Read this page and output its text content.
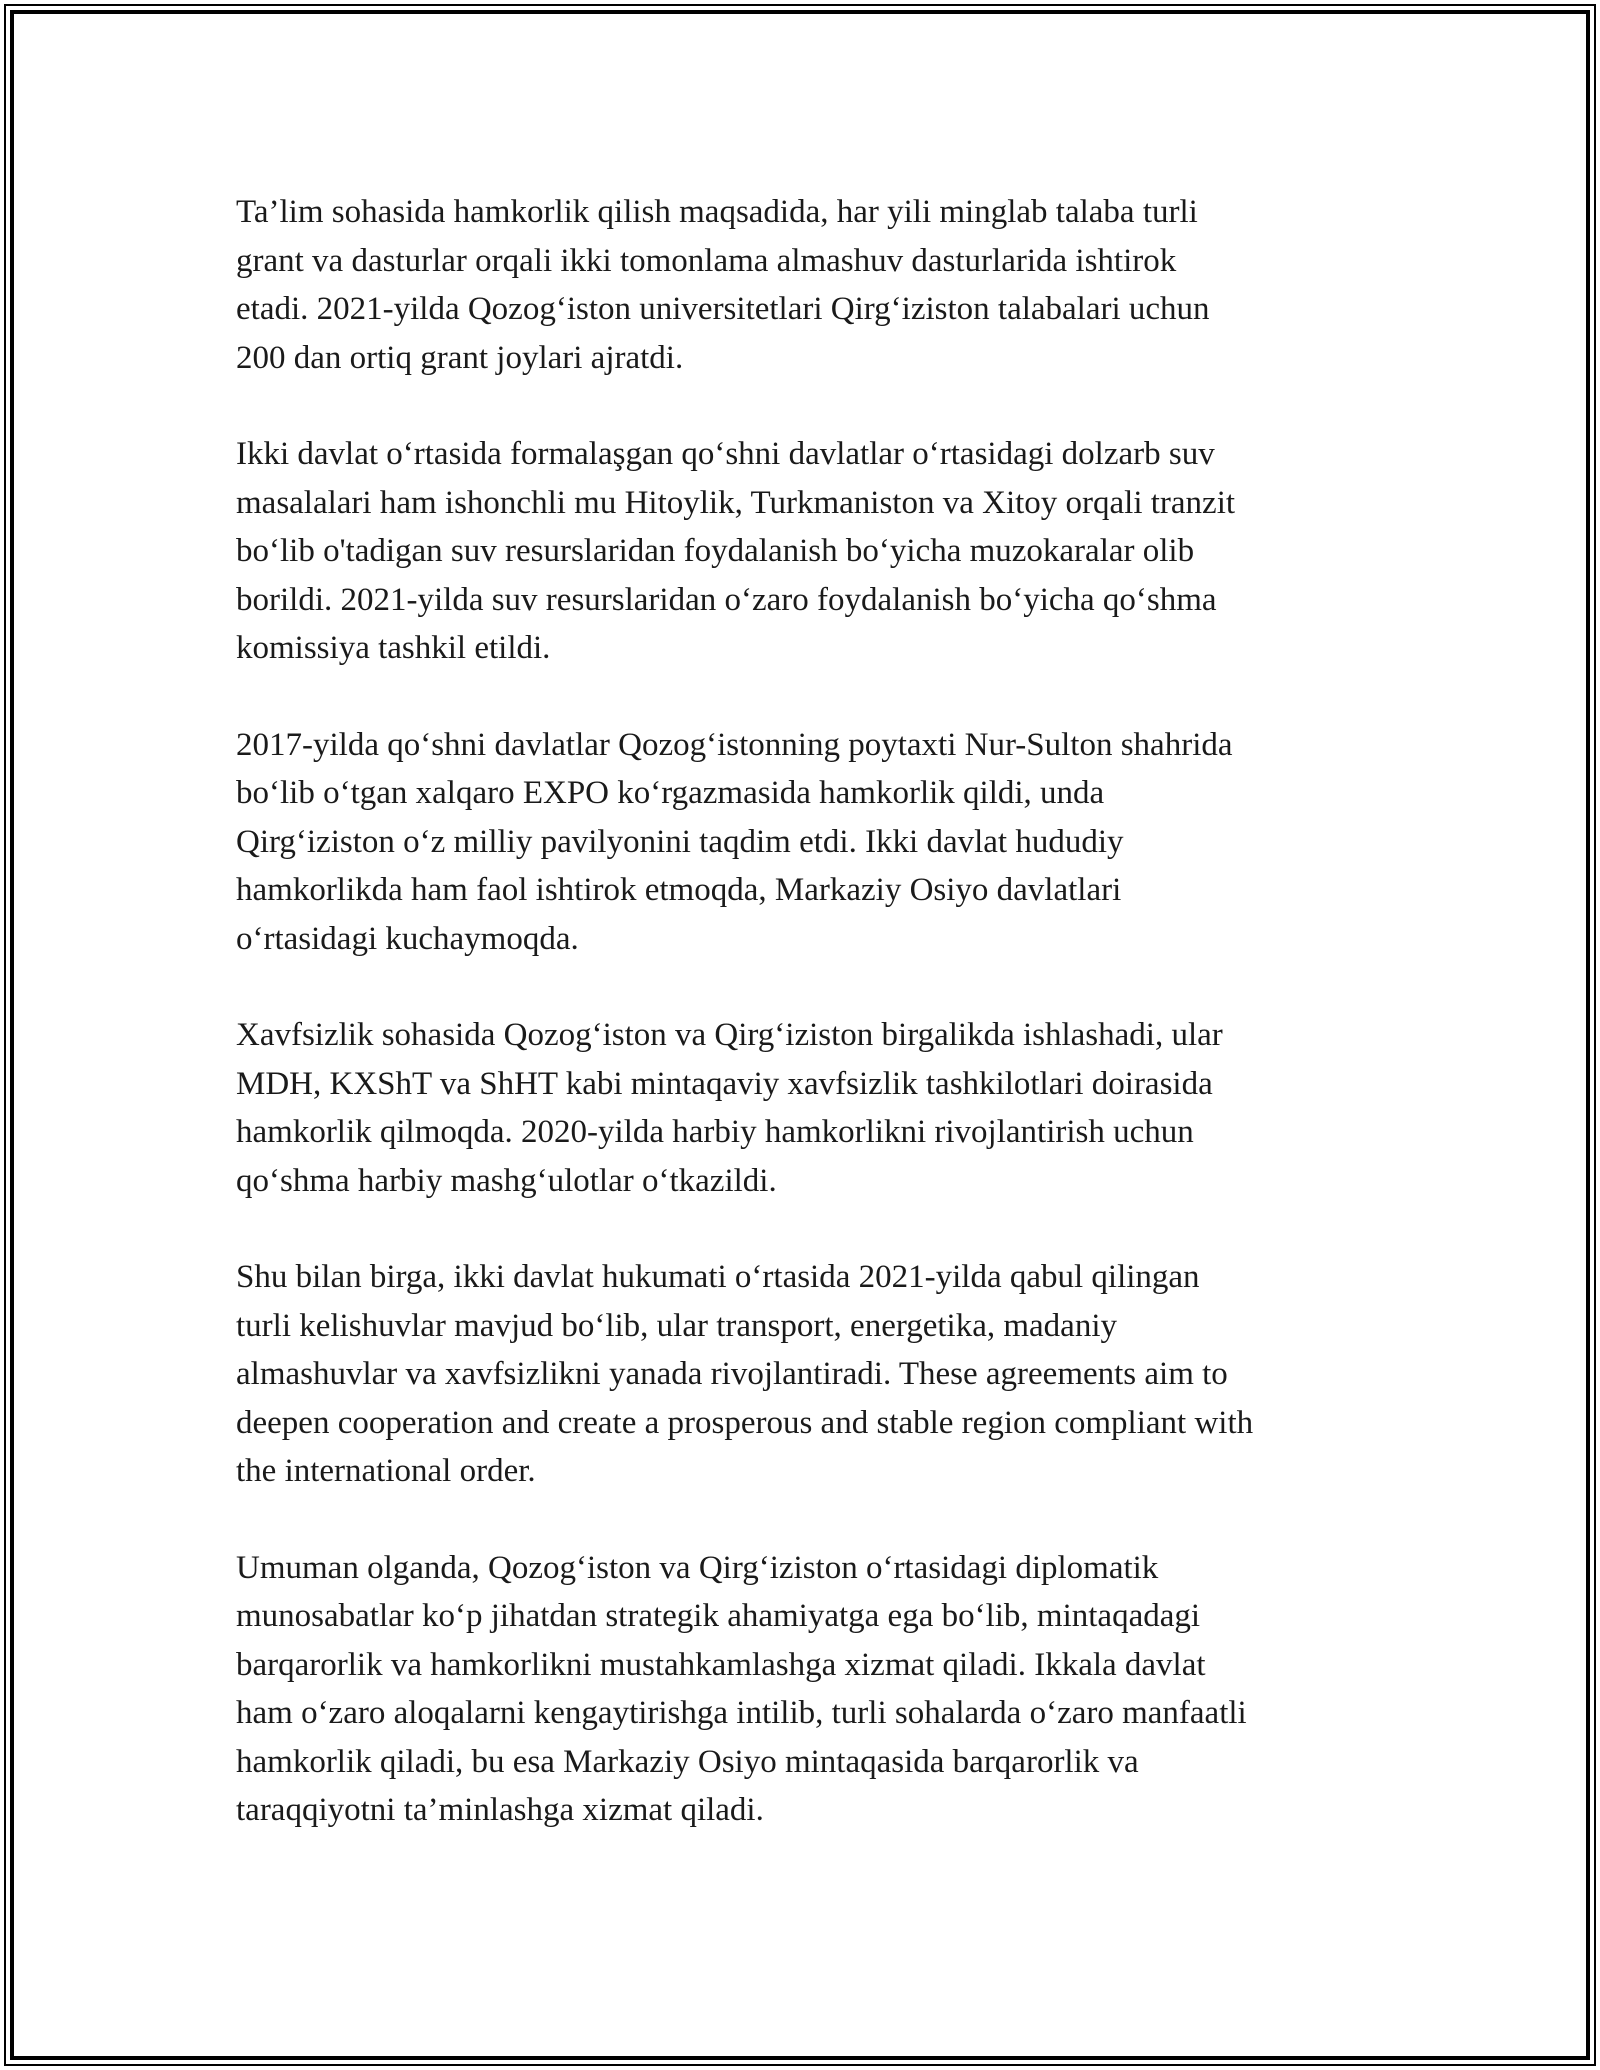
Ta’lim sohasida hamkorlik qilish maqsadida, har yili minglab talaba turli
grant va dasturlar orqali ikki tomonlama almashuv dasturlarida ishtirok
etadi. 2021-yilda Qozog‘iston universitetlari Qirg‘iziston talabalari uchun
200 dan ortiq grant joylari ajratdi.

Ikki davlat o‘rtasida formalaşgan qo‘shni davlatlar o‘rtasidagi dolzarb suv
masalalari ham ishonchli mu Hitoylik, Turkmaniston va Xitoy orqali tranzit
bo‘lib o'tadigan suv resurslaridan foydalanish bo‘yicha muzokaralar olib
borildi. 2021-yilda suv resurslaridan o‘zaro foydalanish bo‘yicha qo‘shma
komissiya tashkil etildi.

2017-yilda qo‘shni davlatlar Qozog‘istonning poytaxti Nur-Sulton shahrida
bo‘lib o‘tgan xalqaro EXPO ko‘rgazmasida hamkorlik qildi, unda
Qirg‘iziston o‘z milliy pavilyonini taqdim etdi. Ikki davlat hududiy
hamkorlikda ham faol ishtirok etmoqda, Markaziy Osiyo davlatlari
o‘rtasidagi kuchaymoqda.

Xavfsizlik sohasida Qozog‘iston va Qirg‘iziston birgalikda ishlashadi, ular
MDH, KXShT va ShHT kabi mintaqaviy xavfsizlik tashkilotlari doirasida
hamkorlik qilmoqda. 2020-yilda harbiy hamkorlikni rivojlantirish uchun
qo‘shma harbiy mashg‘ulotlar o‘tkazildi.

Shu bilan birga, ikki davlat hukumati o‘rtasida 2021-yilda qabul qilingan
turli kelishuvlar mavjud bo‘lib, ular transport, energetika, madaniy
almashuvlar va xavfsizlikni yanada rivojlantiradi. These agreements aim to
deepen cooperation and create a prosperous and stable region compliant with
the international order.

Umuman olganda, Qozog‘iston va Qirg‘iziston o‘rtasidagi diplomatik
munosabatlar ko‘p jihatdan strategik ahamiyatga ega bo‘lib, mintaqadagi
barqarorlik va hamkorlikni mustahkamlashga xizmat qiladi. Ikkala davlat
ham o‘zaro aloqalarni kengaytirishga intilib, turli sohalarda o‘zaro manfaatli
hamkorlik qiladi, bu esa Markaziy Osiyo mintaqasida barqarorlik va
taraqqiyotni ta’minlashga xizmat qiladi.
